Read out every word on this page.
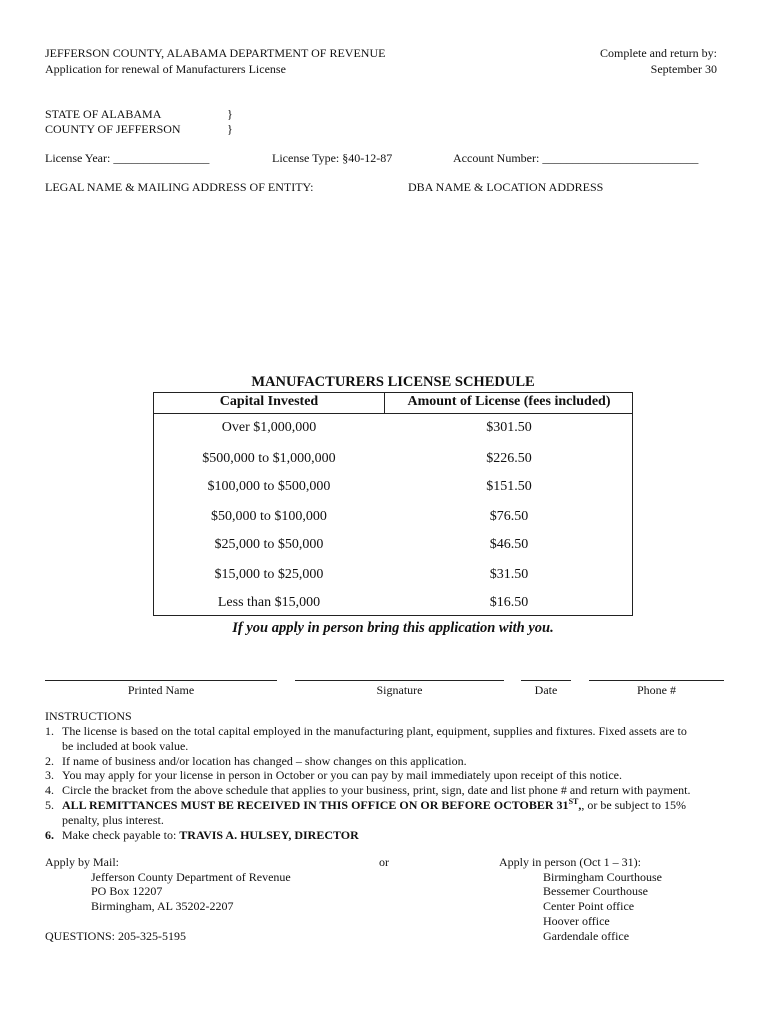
JEFFERSON COUNTY, ALABAMA DEPARTMENT OF REVENUE
Application for renewal of Manufacturers License
Complete and return by:
September 30
STATE OF ALABAMA
COUNTY OF JEFFERSON
}
}
License Year: ________________	License Type: §40-12-87	Account Number: __________________________
LEGAL NAME & MAILING ADDRESS OF ENTITY:	DBA NAME & LOCATION ADDRESS
MANUFACTURERS LICENSE SCHEDULE
Capital Invested	Amount of License (fees included)
Over $1,000,000	$301.50
$500,000 to $1,000,000	$226.50
$100,000 to $500,000	$151.50
$50,000 to $100,000	$76.50
$25,000 to $50,000	$46.50
$15,000 to $25,000	$31.50
Less than $15,000	$16.50
If you apply in person bring this application with you.
Printed Name	Signature	Date	Phone #
INSTRUCTIONS
1. The license is based on the total capital employed in the manufacturing plant, equipment, supplies and fixtures. Fixed assets are to
be included at book value.
2. If name of business and/or location has changed – show changes on this application.
3. You may apply for your license in person in October or you can pay by mail immediately upon receipt of this notice.
4. Circle the bracket from the above schedule that applies to your business, print, sign, date and list phone # and return with payment.
5. ALL REMITTANCES MUST BE RECEIVED IN THIS OFFICE ON OR BEFORE OCTOBER 31ST,, or be subject to 15%
penalty, plus interest.
6. Make check payable to: TRAVIS A. HULSEY, DIRECTOR
Apply by Mail:
Jefferson County Department of Revenue
PO Box 12207
Birmingham, AL 35202-2207
or
QUESTIONS: 205-325-5195
Apply in person (Oct 1 – 31):
Birmingham Courthouse
Bessemer Courthouse
Center Point office
Hoover office
Gardendale office
